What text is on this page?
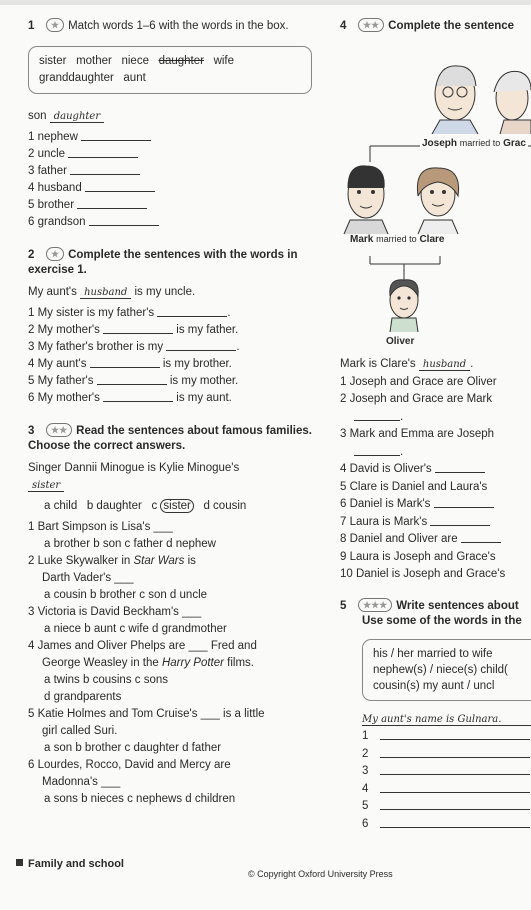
1 ★ Match words 1–6 with the words in the box.
sister mother niece daughter wife
granddaughter aunt
son daughter
1 nephew
2 uncle
3 father
4 husband
5 brother
6 grandson
2 ★ Complete the sentences with the words in exercise 1.
My aunt's husband is my uncle.
1 My sister is my father's	.
2 My mother's	is my father.
3 My father's brother is my	.
4 My aunt's	is my brother.
5 My father's	is my mother.
6 My mother's	is my aunt.
3 ★★ Read the sentences about famous families. Choose the correct answers.
Singer Dannii Minogue is Kylie Minogue's
sister
a child b daughter c sister d cousin
1 Bart Simpson is Lisa's ___
a brother b son c father d nephew
2 Luke Skywalker in Star Wars is
Darth Vader's ___
a cousin b brother c son d uncle
3 Victoria is David Beckham's ___
a niece b aunt c wife d grandmother
4 James and Oliver Phelps are ___ Fred and
George Weasley in the Harry Potter films.
a twins b cousins c sons
d grandparents
5 Katie Holmes and Tom Cruise's ___ is a little
girl called Suri.
a son b brother c daughter d father
6 Lourdes, Rocco, David and Mercy are
Madonna's ___
a sons b nieces c nephews d children
4 ★★ Complete the sentence
Joseph married to Grac
Mark married to Clare
Oliver
Mark is Clare's husband .
1 Joseph and Grace are Oliver
2 Joseph and Grace are Mark
.
3 Mark and Emma are Joseph
.
4 David is Oliver's
5 Clare is Daniel and Laura's
6 Daniel is Mark's
7 Laura is Mark's
8 Daniel and Oliver are
9 Laura is Joseph and Grace's
10 Daniel is Joseph and Grace's
5 ★★★ Write sentences about
Use some of the words in the
his / her married to wife
nephew(s) / niece(s) child(
cousin(s) my aunt / uncl
My aunt's name is Gulnara.
1
2
3
4
5
6
Family and school
© Copyright Oxford University Press
